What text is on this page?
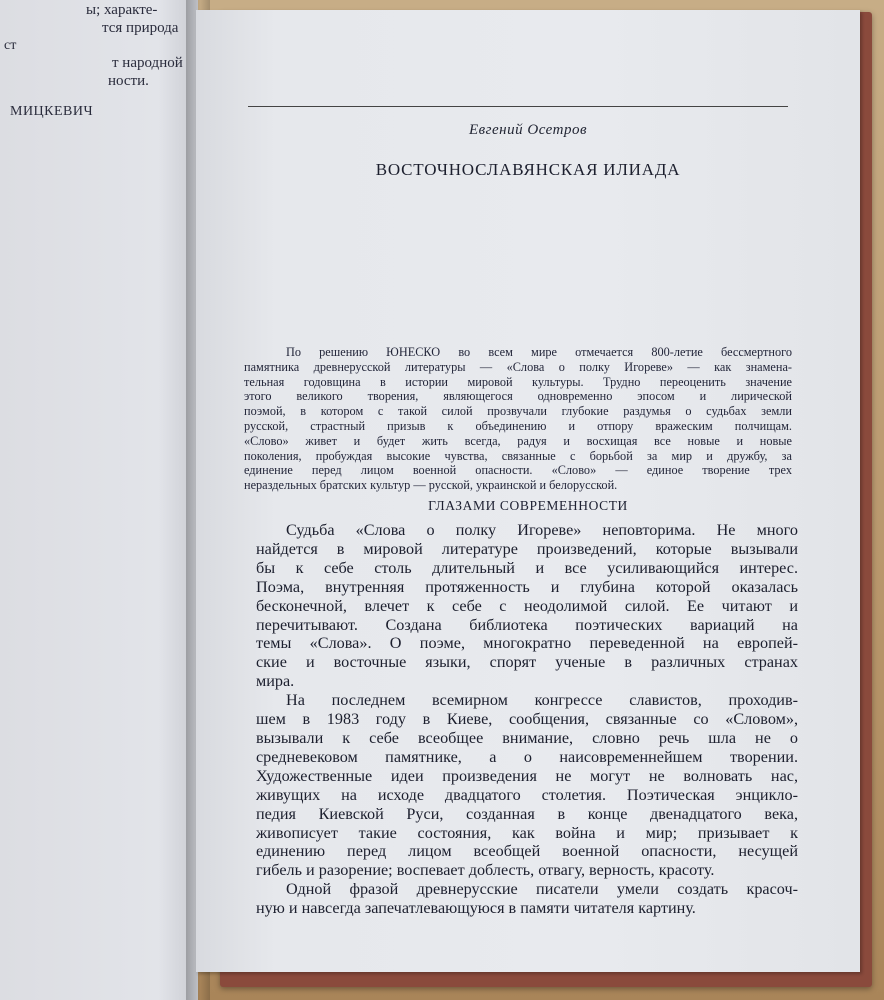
ы; характе-
тся природа
ст
т народной
ности.
МИЦКЕВИЧ
Евгений Осетров
ВОСТОЧНОСЛАВЯНСКАЯ ИЛИАДА
По решению ЮНЕСКО во всем мире отмечается 800-летие бессмертного
памятника древнерусской литературы — «Слова о полку Игореве» — как знамена-
тельная годовщина в истории мировой культуры. Трудно переоценить значение
этого великого творения, являющегося одновременно эпосом и лирической
поэмой, в котором с такой силой прозвучали глубокие раздумья о судьбах земли
русской, страстный призыв к объединению и отпору вражеским полчищам.
«Слово» живет и будет жить всегда, радуя и восхищая все новые и новые
поколения, пробуждая высокие чувства, связанные с борьбой за мир и дружбу, за
единение перед лицом военной опасности. «Слово» — единое творение трех
нераздельных братских культур — русской, украинской и белорусской.
ГЛАЗАМИ СОВРЕМЕННОСТИ
Судьба «Слова о полку Игореве» неповторима. Не много
найдется в мировой литературе произведений, которые вызывали
бы к себе столь длительный и все усиливающийся интерес.
Поэма, внутренняя протяженность и глубина которой оказалась
бесконечной, влечет к себе с неодолимой силой. Ее читают и
перечитывают. Создана библиотека поэтических вариаций на
темы «Слова». О поэме, многократно переведенной на европей-
ские и восточные языки, спорят ученые в различных странах
мира.
На последнем всемирном конгрессе славистов, проходив-
шем в 1983 году в Киеве, сообщения, связанные со «Словом»,
вызывали к себе всеобщее внимание, словно речь шла не о
средневековом памятнике, а о наисовременнейшем творении.
Художественные идеи произведения не могут не волновать нас,
живущих на исходе двадцатого столетия. Поэтическая энцикло-
педия Киевской Руси, созданная в конце двенадцатого века,
живописует такие состояния, как война и мир; призывает к
единению перед лицом всеобщей военной опасности, несущей
гибель и разорение; воспевает доблесть, отвагу, верность, красоту.
Одной фразой древнерусские писатели умели создать красоч-
ную и навсегда запечатлевающуюся в памяти читателя картину.
